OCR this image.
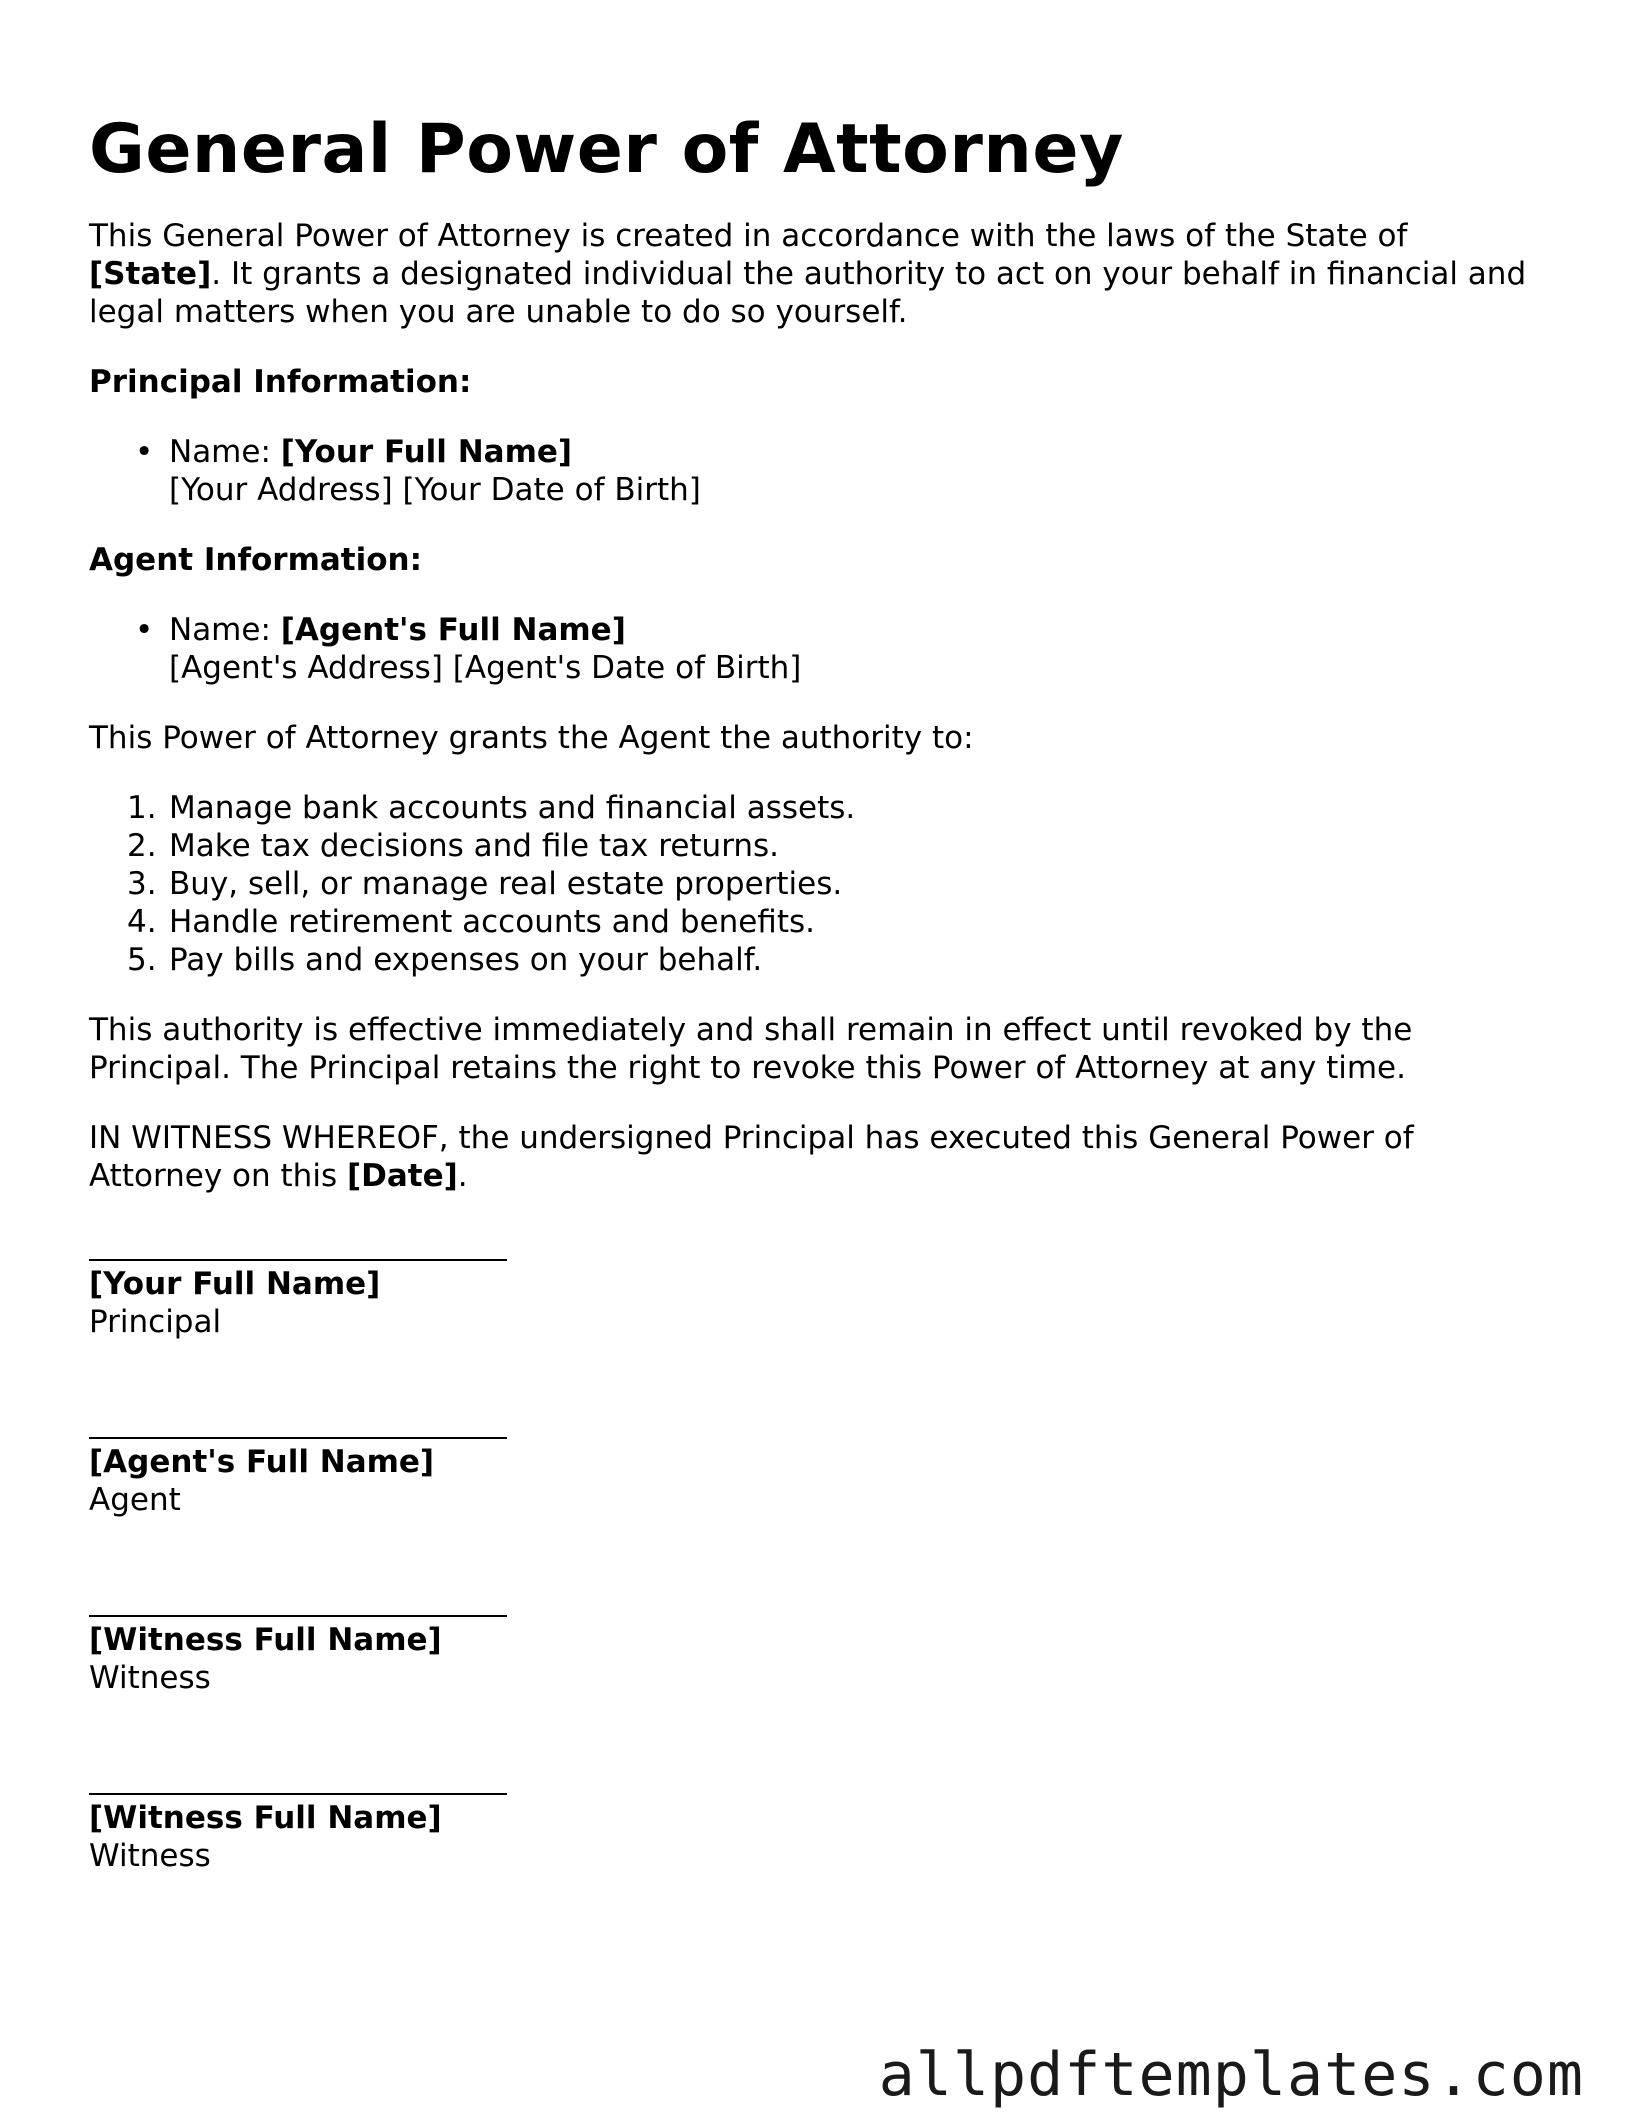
General Power of Attorney

This General Power of Attorney is created in accordance with the laws of the State of [State]. It grants a designated individual the authority to act on your behalf in financial and legal matters when you are unable to do so yourself.

Principal Information:
• Name: [Your Full Name]
[Your Address] [Your Date of Birth]
Agent Information:
• Name: [Agent's Full Name]
[Agent's Address] [Agent's Date of Birth]

This Power of Attorney grants the Agent the authority to:

1. Manage bank accounts and financial assets.
2. Make tax decisions and file tax returns.
3. Buy, sell, or manage real estate properties.
4. Handle retirement accounts and benefits.
5. Pay bills and expenses on your behalf.

This authority is effective immediately and shall remain in effect until revoked by the Principal. The Principal retains the right to revoke this Power of Attorney at any time.

IN WITNESS WHEREOF, the undersigned Principal has executed this General Power of Attorney on this [Date].

[Your Full Name]
Principal
[Agent's Full Name]
Agent
[Witness Full Name]
Witness
[Witness Full Name]
Witness
allpdftemplates.com
